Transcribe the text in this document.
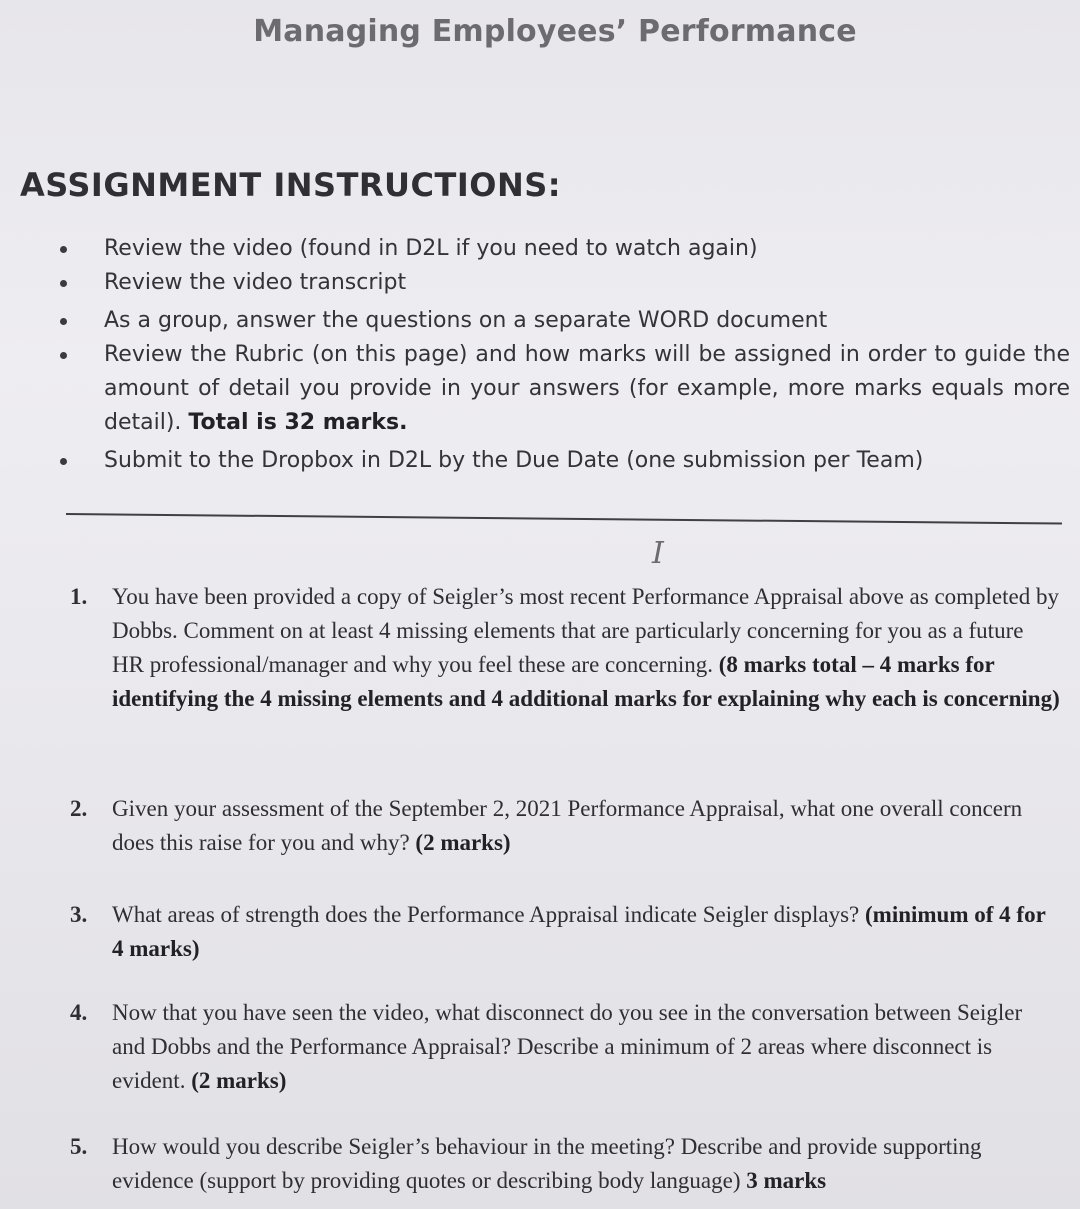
Managing Employees’ Performance
ASSIGNMENT INSTRUCTIONS:
Review the video (found in D2L if you need to watch again)
Review the video transcript
As a group, answer the questions on a separate WORD document
Review the Rubric (on this page) and how marks will be assigned in order to guide the amount of detail you provide in your answers (for example, more marks equals more detail). Total is 32 marks.
Submit to the Dropbox in D2L by the Due Date (one submission per Team)
I
1. You have been provided a copy of Seigler’s most recent Performance Appraisal above as completed by Dobbs. Comment on at least 4 missing elements that are particularly concerning for you as a future HR professional/manager and why you feel these are concerning. (8 marks total – 4 marks for identifying the 4 missing elements and 4 additional marks for explaining why each is concerning)
2. Given your assessment of the September 2, 2021 Performance Appraisal, what one overall concern does this raise for you and why? (2 marks)
3. What areas of strength does the Performance Appraisal indicate Seigler displays? (minimum of 4 for 4 marks)
4. Now that you have seen the video, what disconnect do you see in the conversation between Seigler and Dobbs and the Performance Appraisal? Describe a minimum of 2 areas where disconnect is evident. (2 marks)
5. How would you describe Seigler’s behaviour in the meeting? Describe and provide supporting evidence (support by providing quotes or describing body language) 3 marks
